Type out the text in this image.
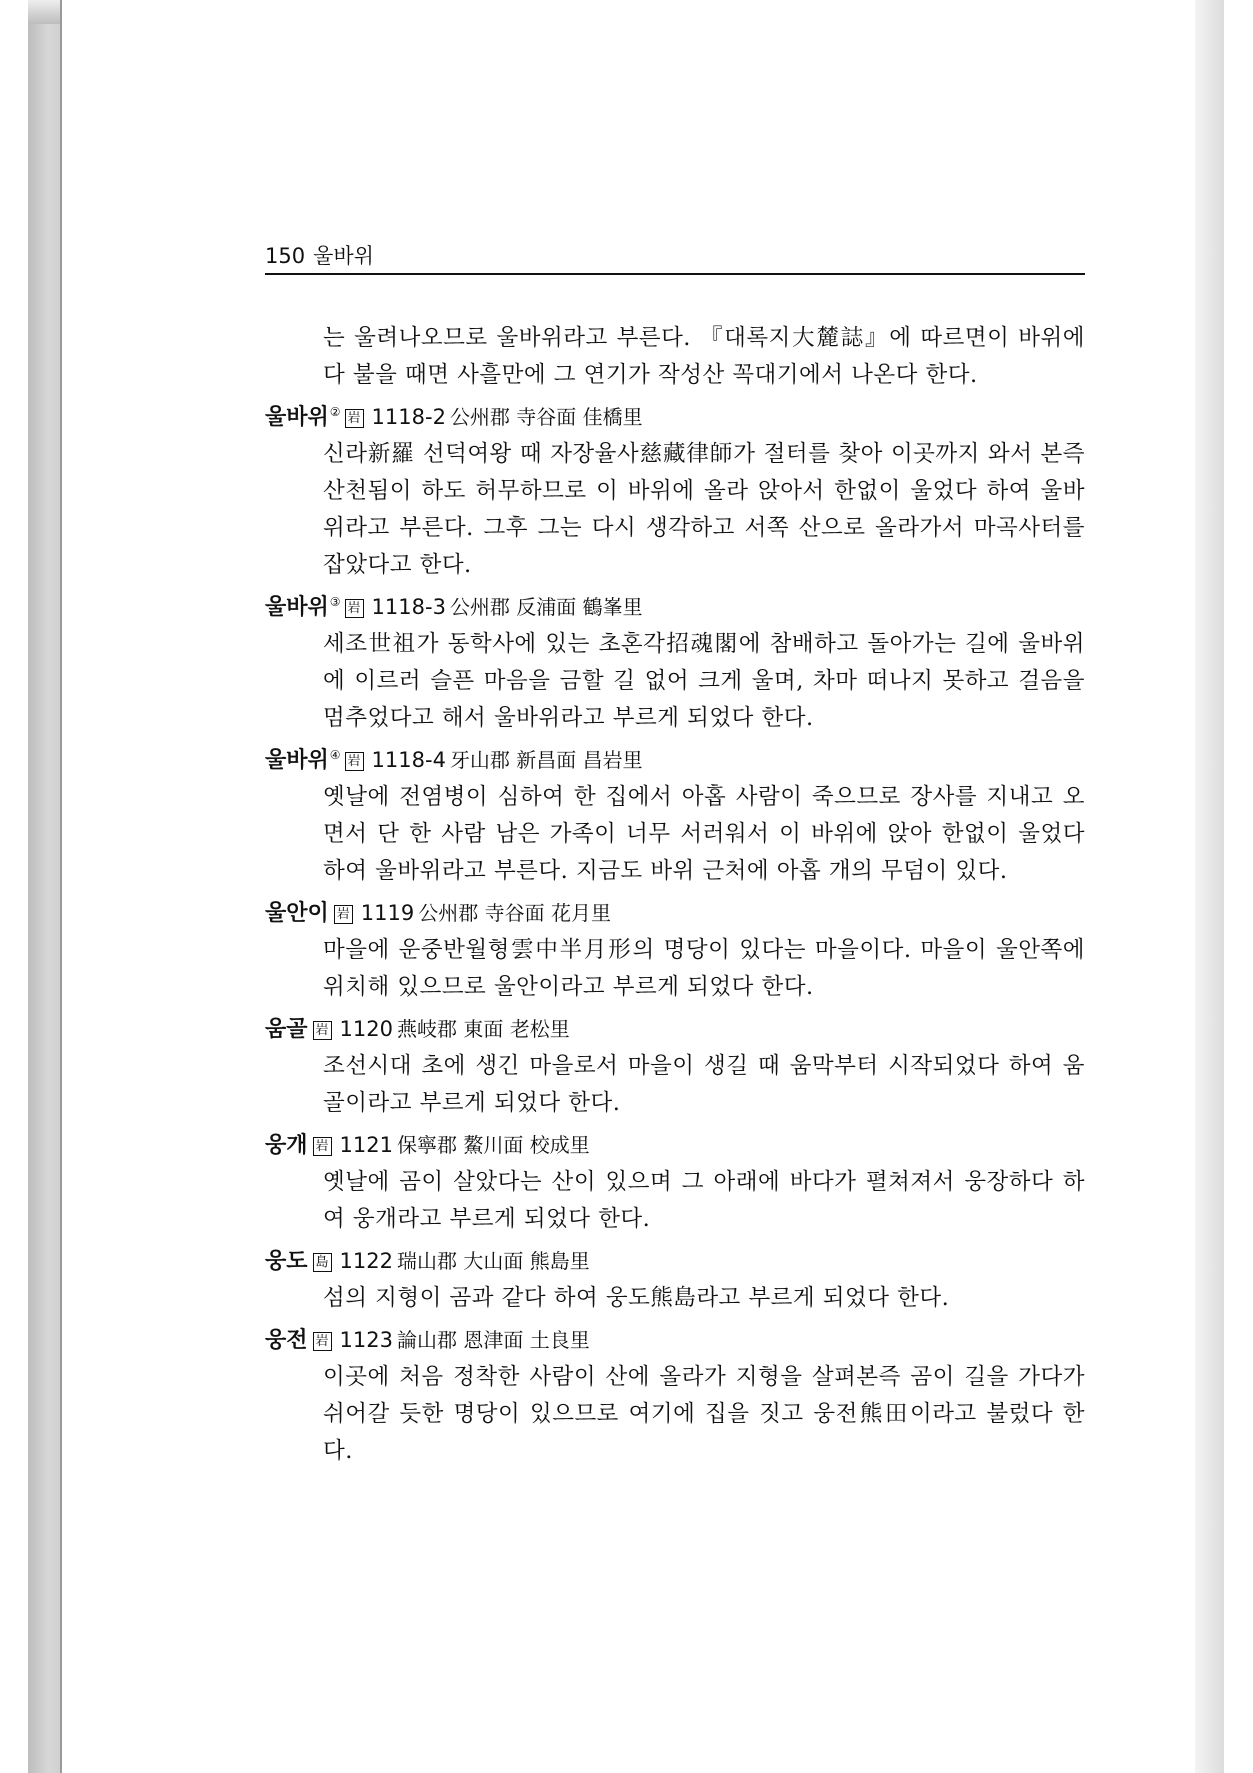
150 울바위

는 울려나오므로 울바위라고 부른다. 『대록지大麓誌』에 따르면이 바위에다 불을 때면 사흘만에 그 연기가 작성산 꼭대기에서 나온다 한다.

울바위② 岩 1118-2 公州郡 寺谷面 佳橋里

신라新羅 선덕여왕 때 자장율사慈藏律師가 절터를 찾아 이곳까지 와서 본즉 산천됨이 하도 허무하므로 이 바위에 올라 앉아서 한없이 울었다 하여 울바위라고 부른다. 그후 그는 다시 생각하고 서쪽 산으로 올라가서 마곡사터를 잡았다고 한다.

울바위③ 岩 1118-3 公州郡 反浦面 鶴峯里

세조世祖가 동학사에 있는 초혼각招魂閣에 참배하고 돌아가는 길에 울바위에 이르러 슬픈 마음을 금할 길 없어 크게 울며, 차마 떠나지 못하고 걸음을 멈추었다고 해서 울바위라고 부르게 되었다 한다.

울바위④ 岩 1118-4 牙山郡 新昌面 昌岩里

옛날에 전염병이 심하여 한 집에서 아홉 사람이 죽으므로 장사를 지내고 오면서 단 한 사람 남은 가족이 너무 서러워서 이 바위에 앉아 한없이 울었다 하여 울바위라고 부른다. 지금도 바위 근처에 아홉 개의 무덤이 있다.

울안이 岩 1119 公州郡 寺谷面 花月里

마을에 운중반월형雲中半月形의 명당이 있다는 마을이다. 마을이 울안쪽에 위치해 있으므로 울안이라고 부르게 되었다 한다.

움골 岩 1120 燕岐郡 東面 老松里

조선시대 초에 생긴 마을로서 마을이 생길 때 움막부터 시작되었다 하여 움골이라고 부르게 되었다 한다.

웅개 岩 1121 保寧郡 鰲川面 校成里

옛날에 곰이 살았다는 산이 있으며 그 아래에 바다가 펼쳐져서 웅장하다 하여 웅개라고 부르게 되었다 한다.

웅도 島 1122 瑞山郡 大山面 熊島里

섬의 지형이 곰과 같다 하여 웅도熊島라고 부르게 되었다 한다.

웅전 岩 1123 論山郡 恩津面 土良里

이곳에 처음 정착한 사람이 산에 올라가 지형을 살펴본즉 곰이 길을 가다가 쉬어갈 듯한 명당이 있으므로 여기에 집을 짓고 웅전熊田이라고 불렀다 한다.
